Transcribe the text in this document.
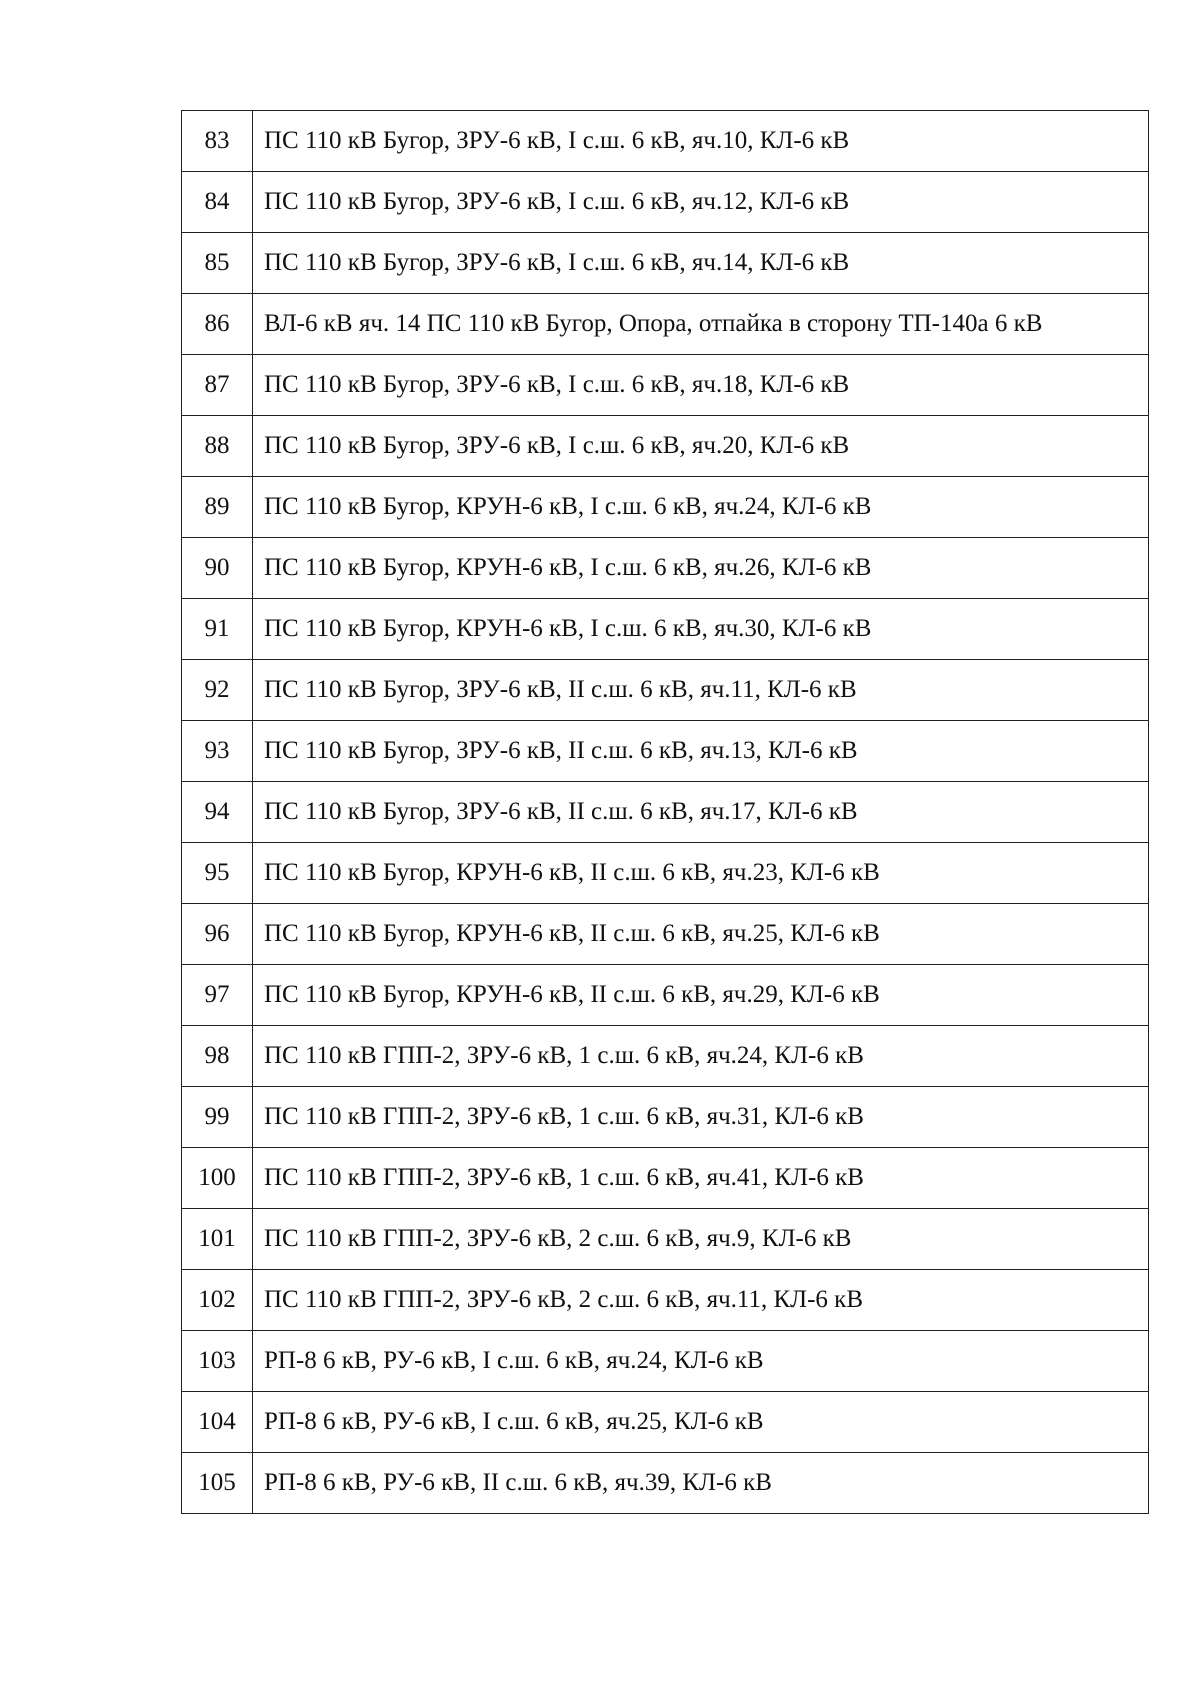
83	ПС 110 кВ Бугор, ЗРУ-6 кВ, I с.ш. 6 кВ, яч.10, КЛ-6 кВ
84	ПС 110 кВ Бугор, ЗРУ-6 кВ, I с.ш. 6 кВ, яч.12, КЛ-6 кВ
85	ПС 110 кВ Бугор, ЗРУ-6 кВ, I с.ш. 6 кВ, яч.14, КЛ-6 кВ
86	ВЛ-6 кВ яч. 14 ПС 110 кВ Бугор, Опора, отпайка в сторону ТП-140а 6 кВ
87	ПС 110 кВ Бугор, ЗРУ-6 кВ, I с.ш. 6 кВ, яч.18, КЛ-6 кВ
88	ПС 110 кВ Бугор, ЗРУ-6 кВ, I с.ш. 6 кВ, яч.20, КЛ-6 кВ
89	ПС 110 кВ Бугор, КРУН-6 кВ, I с.ш. 6 кВ, яч.24, КЛ-6 кВ
90	ПС 110 кВ Бугор, КРУН-6 кВ, I с.ш. 6 кВ, яч.26, КЛ-6 кВ
91	ПС 110 кВ Бугор, КРУН-6 кВ, I с.ш. 6 кВ, яч.30, КЛ-6 кВ
92	ПС 110 кВ Бугор, ЗРУ-6 кВ, II с.ш. 6 кВ, яч.11, КЛ-6 кВ
93	ПС 110 кВ Бугор, ЗРУ-6 кВ, II с.ш. 6 кВ, яч.13, КЛ-6 кВ
94	ПС 110 кВ Бугор, ЗРУ-6 кВ, II с.ш. 6 кВ, яч.17, КЛ-6 кВ
95	ПС 110 кВ Бугор, КРУН-6 кВ, II с.ш. 6 кВ, яч.23, КЛ-6 кВ
96	ПС 110 кВ Бугор, КРУН-6 кВ, II с.ш. 6 кВ, яч.25, КЛ-6 кВ
97	ПС 110 кВ Бугор, КРУН-6 кВ, II с.ш. 6 кВ, яч.29, КЛ-6 кВ
98	ПС 110 кВ ГПП-2, ЗРУ-6 кВ, 1 с.ш. 6 кВ, яч.24, КЛ-6 кВ
99	ПС 110 кВ ГПП-2, ЗРУ-6 кВ, 1 с.ш. 6 кВ, яч.31, КЛ-6 кВ
100	ПС 110 кВ ГПП-2, ЗРУ-6 кВ, 1 с.ш. 6 кВ, яч.41, КЛ-6 кВ
101	ПС 110 кВ ГПП-2, ЗРУ-6 кВ, 2 с.ш. 6 кВ, яч.9, КЛ-6 кВ
102	ПС 110 кВ ГПП-2, ЗРУ-6 кВ, 2 с.ш. 6 кВ, яч.11, КЛ-6 кВ
103	РП-8 6 кВ, РУ-6 кВ, I с.ш. 6 кВ, яч.24, КЛ-6 кВ
104	РП-8 6 кВ, РУ-6 кВ, I с.ш. 6 кВ, яч.25, КЛ-6 кВ
105	РП-8 6 кВ, РУ-6 кВ, II с.ш. 6 кВ, яч.39, КЛ-6 кВ
